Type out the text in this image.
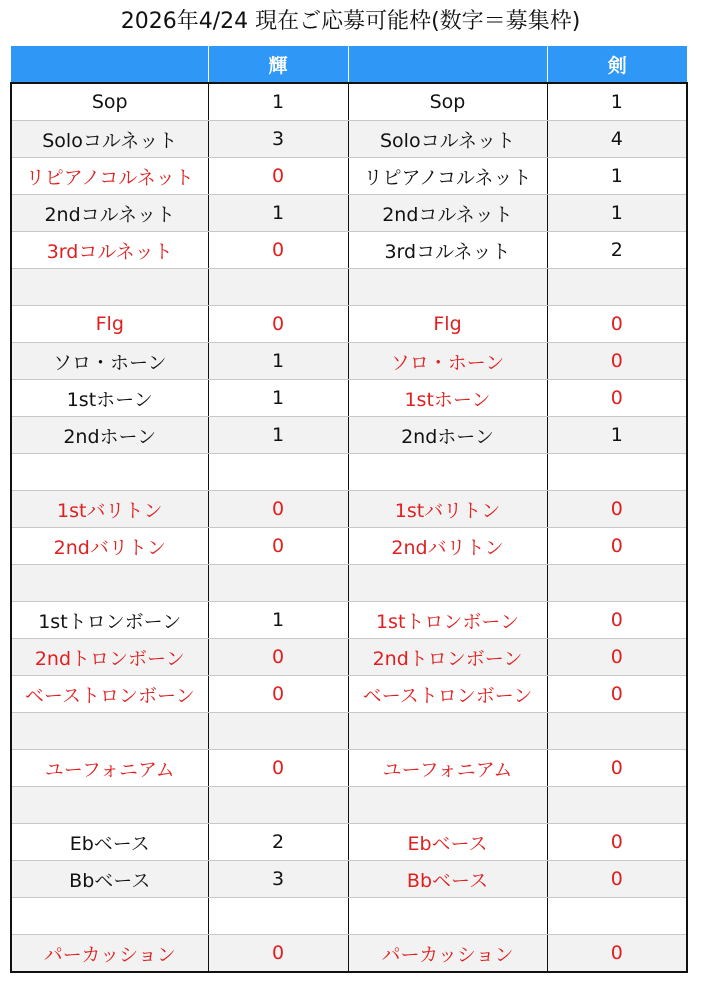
2026年4/24 現在ご応募可能枠(数字＝募集枠)
	輝		剣
Sop	1	Sop	1
Soloコルネット	3	Soloコルネット	4
リピアノコルネット	0	リピアノコルネット	1
2ndコルネット	1	2ndコルネット	1
3rdコルネット	0	3rdコルネット	2

Flg	0	Flg	0
ソロ・ホーン	1	ソロ・ホーン	0
1stホーン	1	1stホーン	0
2ndホーン	1	2ndホーン	1

1stバリトン	0	1stバリトン	0
2ndバリトン	0	2ndバリトン	0

1stトロンボーン	1	1stトロンボーン	0
2ndトロンボーン	0	2ndトロンボーン	0
ベーストロンボーン	0	ベーストロンボーン	0

ユーフォニアム	0	ユーフォニアム	0

Ebベース	2	Ebベース	0
Bbベース	3	Bbベース	0

パーカッション	0	パーカッション	0
